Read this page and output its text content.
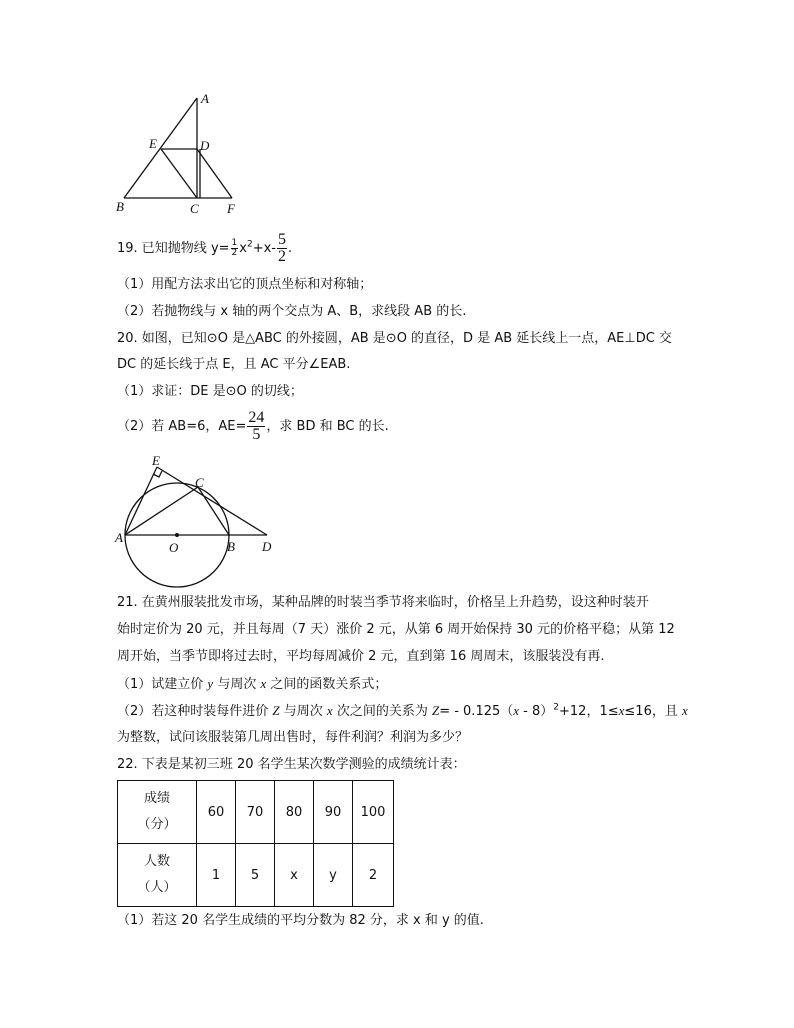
A
E	D
B	C F
19. 已知抛物线 $y= \frac{1}{2} x^2+x- \frac{5}{2}$ .
（1）用配方法求出它的顶点坐标和对称轴；
（2）若抛物线与 x 轴的两个交点为 A、B，求线段 AB 的长.
20. 如图，已知⊙O 是△ABC 的外接圆，AB 是⊙O 的直径，D 是 AB 延长线上一点，AE⊥DC 交
DC 的延长线于点 E，且 AC 平分∠EAB.
（1）求证：DE 是⊙O 的切线；
（2）若 AB=6，$AE= \frac{24}{5}$ ，求 BD 和 BC 的长.
E
C
A
O	B D
21. 在黄州服装批发市场，某种品牌的时装当季节将来临时，价格呈上升趋势，设这种时装开
始时定价为 20 元，并且每周（7 天）涨价 2 元，从第 6 周开始保持 30 元的价格平稳；从第 12
周开始，当季节即将过去时，平均每周减价 2 元，直到第 16 周周末，该服装没有再.
（1）试建立价 y 与周次 x 之间的函数关系式；
（2）若这种时装每件进价 Z 与周次 x 次之间的关系为 Z= - 0.125（x - 8）$^2$+12，1≤x≤16，且 x
为整数，试问该服装第几周出售时，每件利润？利润为多少？
22. 下表是某初三班 20 名学生某次数学测验的成绩统计表：
成绩
（分）	60	70	80	90	100
人数
（人）	1	5	x	y	2
（1）若这 20 名学生成绩的平均分数为 82 分，求 x 和 y 的值.
